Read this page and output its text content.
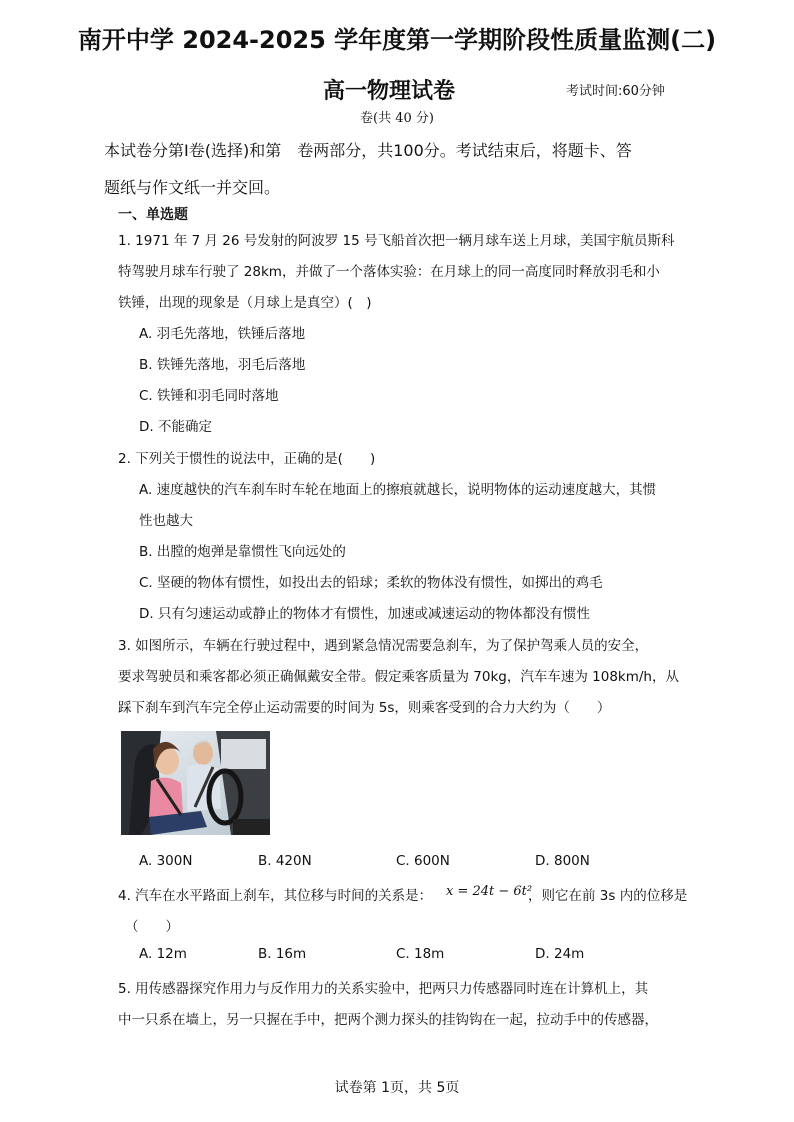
南开中学 2024-2025 学年度第一学期阶段性质量监测(二)
高一物理试卷	考试时间:60分钟
卷(共 40 分)
本试卷分第Ⅰ卷(选择)和第　卷两部分，共100分。考试结束后，将题卡、答
题纸与作文纸一并交回。
一、单选题
1. 1971 年 7 月 26 号发射的阿波罗 15 号飞船首次把一辆月球车送上月球，美国宇航员斯科
特驾驶月球车行驶了 28km，并做了一个落体实验：在月球上的同一高度同时释放羽毛和小
铁锤，出现的现象是（月球上是真空）(　)
A. 羽毛先落地，铁锤后落地
B. 铁锤先落地，羽毛后落地
C. 铁锤和羽毛同时落地
D. 不能确定
2. 下列关于惯性的说法中，正确的是(　　)
A. 速度越快的汽车刹车时车轮在地面上的擦痕就越长，说明物体的运动速度越大，其惯
性也越大
B. 出膛的炮弹是靠惯性飞向远处的
C. 坚硬的物体有惯性，如投出去的铅球；柔软的物体没有惯性，如掷出的鸡毛
D. 只有匀速运动或静止的物体才有惯性，加速或减速运动的物体都没有惯性
3. 如图所示，车辆在行驶过程中，遇到紧急情况需要急刹车，为了保护驾乘人员的安全，
要求驾驶员和乘客都必须正确佩戴安全带。假定乘客质量为 70kg，汽车车速为 108km/h，从
踩下刹车到汽车完全停止运动需要的时间为 5s，则乘客受到的合力大约为（　　）
A. 300N	B. 420N	C. 600N	D. 800N
4. 汽车在水平路面上刹车，其位移与时间的关系是： x = 24t − 6t²
，则它在前 3s 内的位移是
（　　）
A. 12m	B. 16m	C. 18m	D. 24m
5. 用传感器探究作用力与反作用力的关系实验中，把两只力传感器同时连在计算机上，其
中一只系在墙上，另一只握在手中，把两个测力探头的挂钩钩在一起，拉动手中的传感器，
试卷第 1页，共 5页
